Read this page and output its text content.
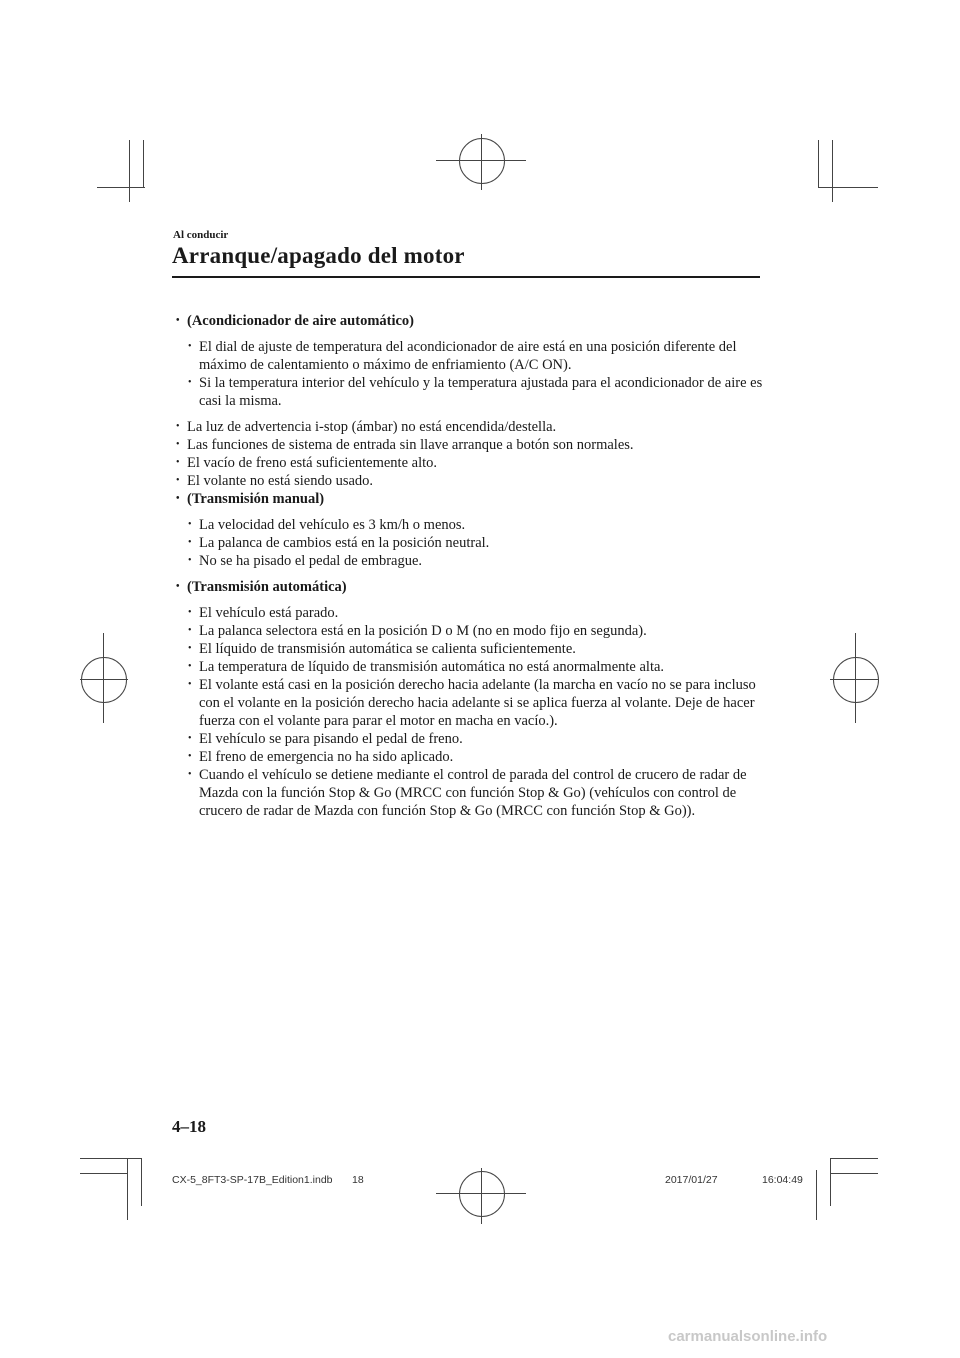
Al conducir
Arranque/apagado del motor
• (Acondicionador de aire automático)
• El dial de ajuste de temperatura del acondicionador de aire está en una posición diferente del máximo de calentamiento o máximo de enfriamiento (A/C ON).
• Si la temperatura interior del vehículo y la temperatura ajustada para el acondicionador de aire es casi la misma.
• La luz de advertencia i-stop (ámbar) no está encendida/destella.
• Las funciones de sistema de entrada sin llave arranque a botón son normales.
• El vacío de freno está suficientemente alto.
• El volante no está siendo usado.
• (Transmisión manual)
• La velocidad del vehículo es 3 km/h o menos.
• La palanca de cambios está en la posición neutral.
• No se ha pisado el pedal de embrague.
• (Transmisión automática)
• El vehículo está parado.
• La palanca selectora está en la posición D o M (no en modo fijo en segunda).
• El líquido de transmisión automática se calienta suficientemente.
• La temperatura de líquido de transmisión automática no está anormalmente alta.
• El volante está casi en la posición derecho hacia adelante (la marcha en vacío no se para incluso con el volante en la posición derecho hacia adelante si se aplica fuerza al volante. Deje de hacer fuerza con el volante para parar el motor en macha en vacío.).
• El vehículo se para pisando el pedal de freno.
• El freno de emergencia no ha sido aplicado.
• Cuando el vehículo se detiene mediante el control de parada del control de crucero de radar de Mazda con la función Stop & Go (MRCC con función Stop & Go) (vehículos con control de crucero de radar de Mazda con función Stop & Go (MRCC con función Stop & Go)).
4–18
CX-5_8FT3-SP-17B_Edition1.indb 18	2017/01/27	16:04:49
carmanualsonline.info
